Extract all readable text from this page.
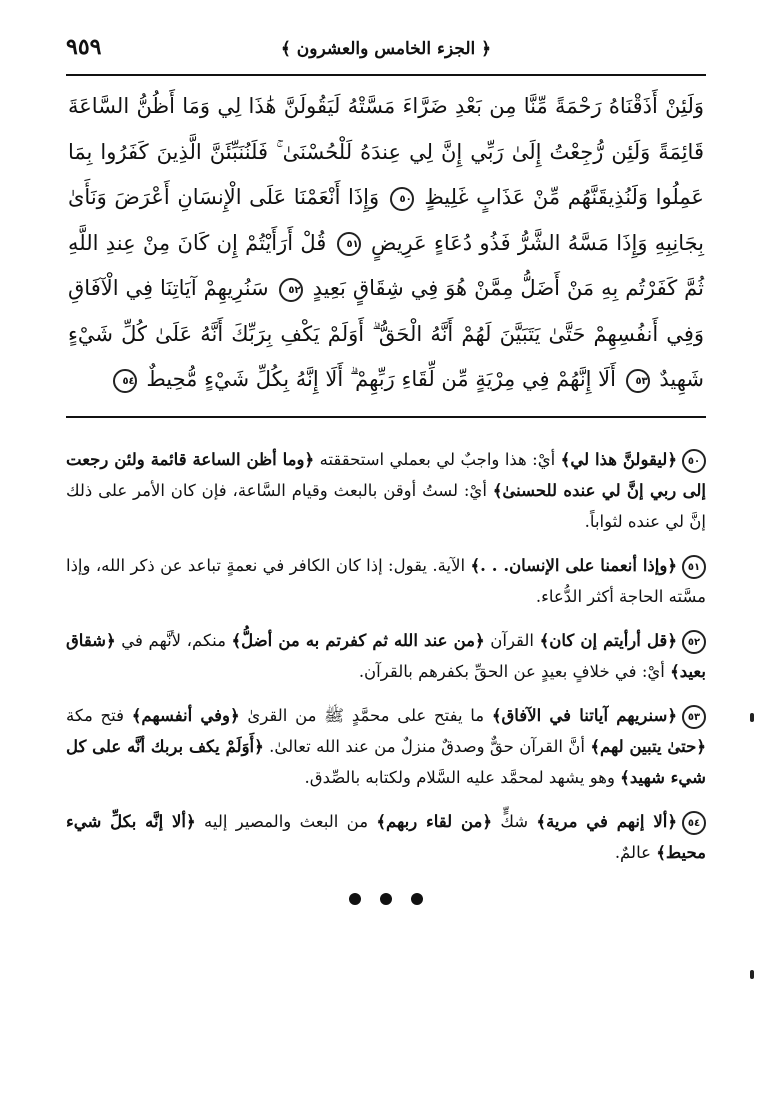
﴿ الجزء الخامس والعشرون ﴾
٩٥٩
وَلَئِنْ أَذَقْنَاهُ رَحْمَةً مِّنَّا مِن بَعْدِ ضَرَّاءَ مَسَّتْهُ لَيَقُولَنَّ هَٰذَا لِي وَمَا أَظُنُّ السَّاعَةَ قَائِمَةً وَلَئِن رُّجِعْتُ إِلَىٰ رَبِّي إِنَّ لِي عِندَهُ لَلْحُسْنَىٰ ۚ فَلَنُنَبِّئَنَّ الَّذِينَ كَفَرُوا بِمَا عَمِلُوا وَلَنُذِيقَنَّهُم مِّنْ عَذَابٍ غَلِيظٍ ٥٠ وَإِذَا أَنْعَمْنَا عَلَى الْإِنسَانِ أَعْرَضَ وَنَأَىٰ بِجَانِبِهِ وَإِذَا مَسَّهُ الشَّرُّ فَذُو دُعَاءٍ عَرِيضٍ ٥١ قُلْ أَرَأَيْتُمْ إِن كَانَ مِنْ عِندِ اللَّهِ ثُمَّ كَفَرْتُم بِهِ مَنْ أَضَلُّ مِمَّنْ هُوَ فِي شِقَاقٍ بَعِيدٍ ٥٢ سَنُرِيهِمْ آيَاتِنَا فِي الْآفَاقِ وَفِي أَنفُسِهِمْ حَتَّىٰ يَتَبَيَّنَ لَهُمْ أَنَّهُ الْحَقُّ ۗ أَوَلَمْ يَكْفِ بِرَبِّكَ أَنَّهُ عَلَىٰ كُلِّ شَيْءٍ شَهِيدٌ ٥٣ أَلَا إِنَّهُمْ فِي مِرْيَةٍ مِّن لِّقَاءِ رَبِّهِمْ ۗ أَلَا إِنَّهُ بِكُلِّ شَيْءٍ مُّحِيطٌ ٥٤
٥٠﴿ليقولنَّ هذا لي﴾ أيْ: هذا واجبٌ لي بعملي استحققته ﴿وما أظن الساعة قائمة ولئن رجعت إلى ربي إنَّ لي عنده للحسنىٰ﴾ أيْ: لستُ أوقن بالبعث وقيام السَّاعة، فإن كان الأمر على ذلك إنَّ لي عنده لثواباً.
٥١﴿وإذا أنعمنا على الإنسان. . .﴾ الآية. يقول: إذا كان الكافر في نعمةٍ تباعد عن ذكر الله، وإذا مسَّته الحاجة أكثر الدُّعاء.
٥٢﴿قل أرأيتم إن كان﴾ القرآن ﴿من عند الله ثم كفرتم به من أضلُّ﴾ منكم، لأنَّهم في ﴿شقاق بعيد﴾ أيْ: في خلافٍ بعيدٍ عن الحقِّ بكفرهم بالقرآن.
٥٣﴿سنريهم آياتنا في الآفاق﴾ ما يفتح على محمَّدٍ ﷺ من القرىٰ ﴿وفي أنفسهم﴾ فتح مكة ﴿حتىٰ يتبين لهم﴾ أنَّ القرآن حقٌّ وصدقٌ منزلٌ من عند الله تعالىٰ. ﴿أَوَلَمْ يكف بربك أنَّه على كل شيء شهيد﴾ وهو يشهد لمحمَّد عليه السَّلام ولكتابه بالصِّدق.
٥٤﴿ألا إنهم في مرية﴾ شكٍّ ﴿من لقاء ربهم﴾ من البعث والمصير إليه ﴿ألا إنَّه بكلِّ شيء محيط﴾ عالمٌ.
